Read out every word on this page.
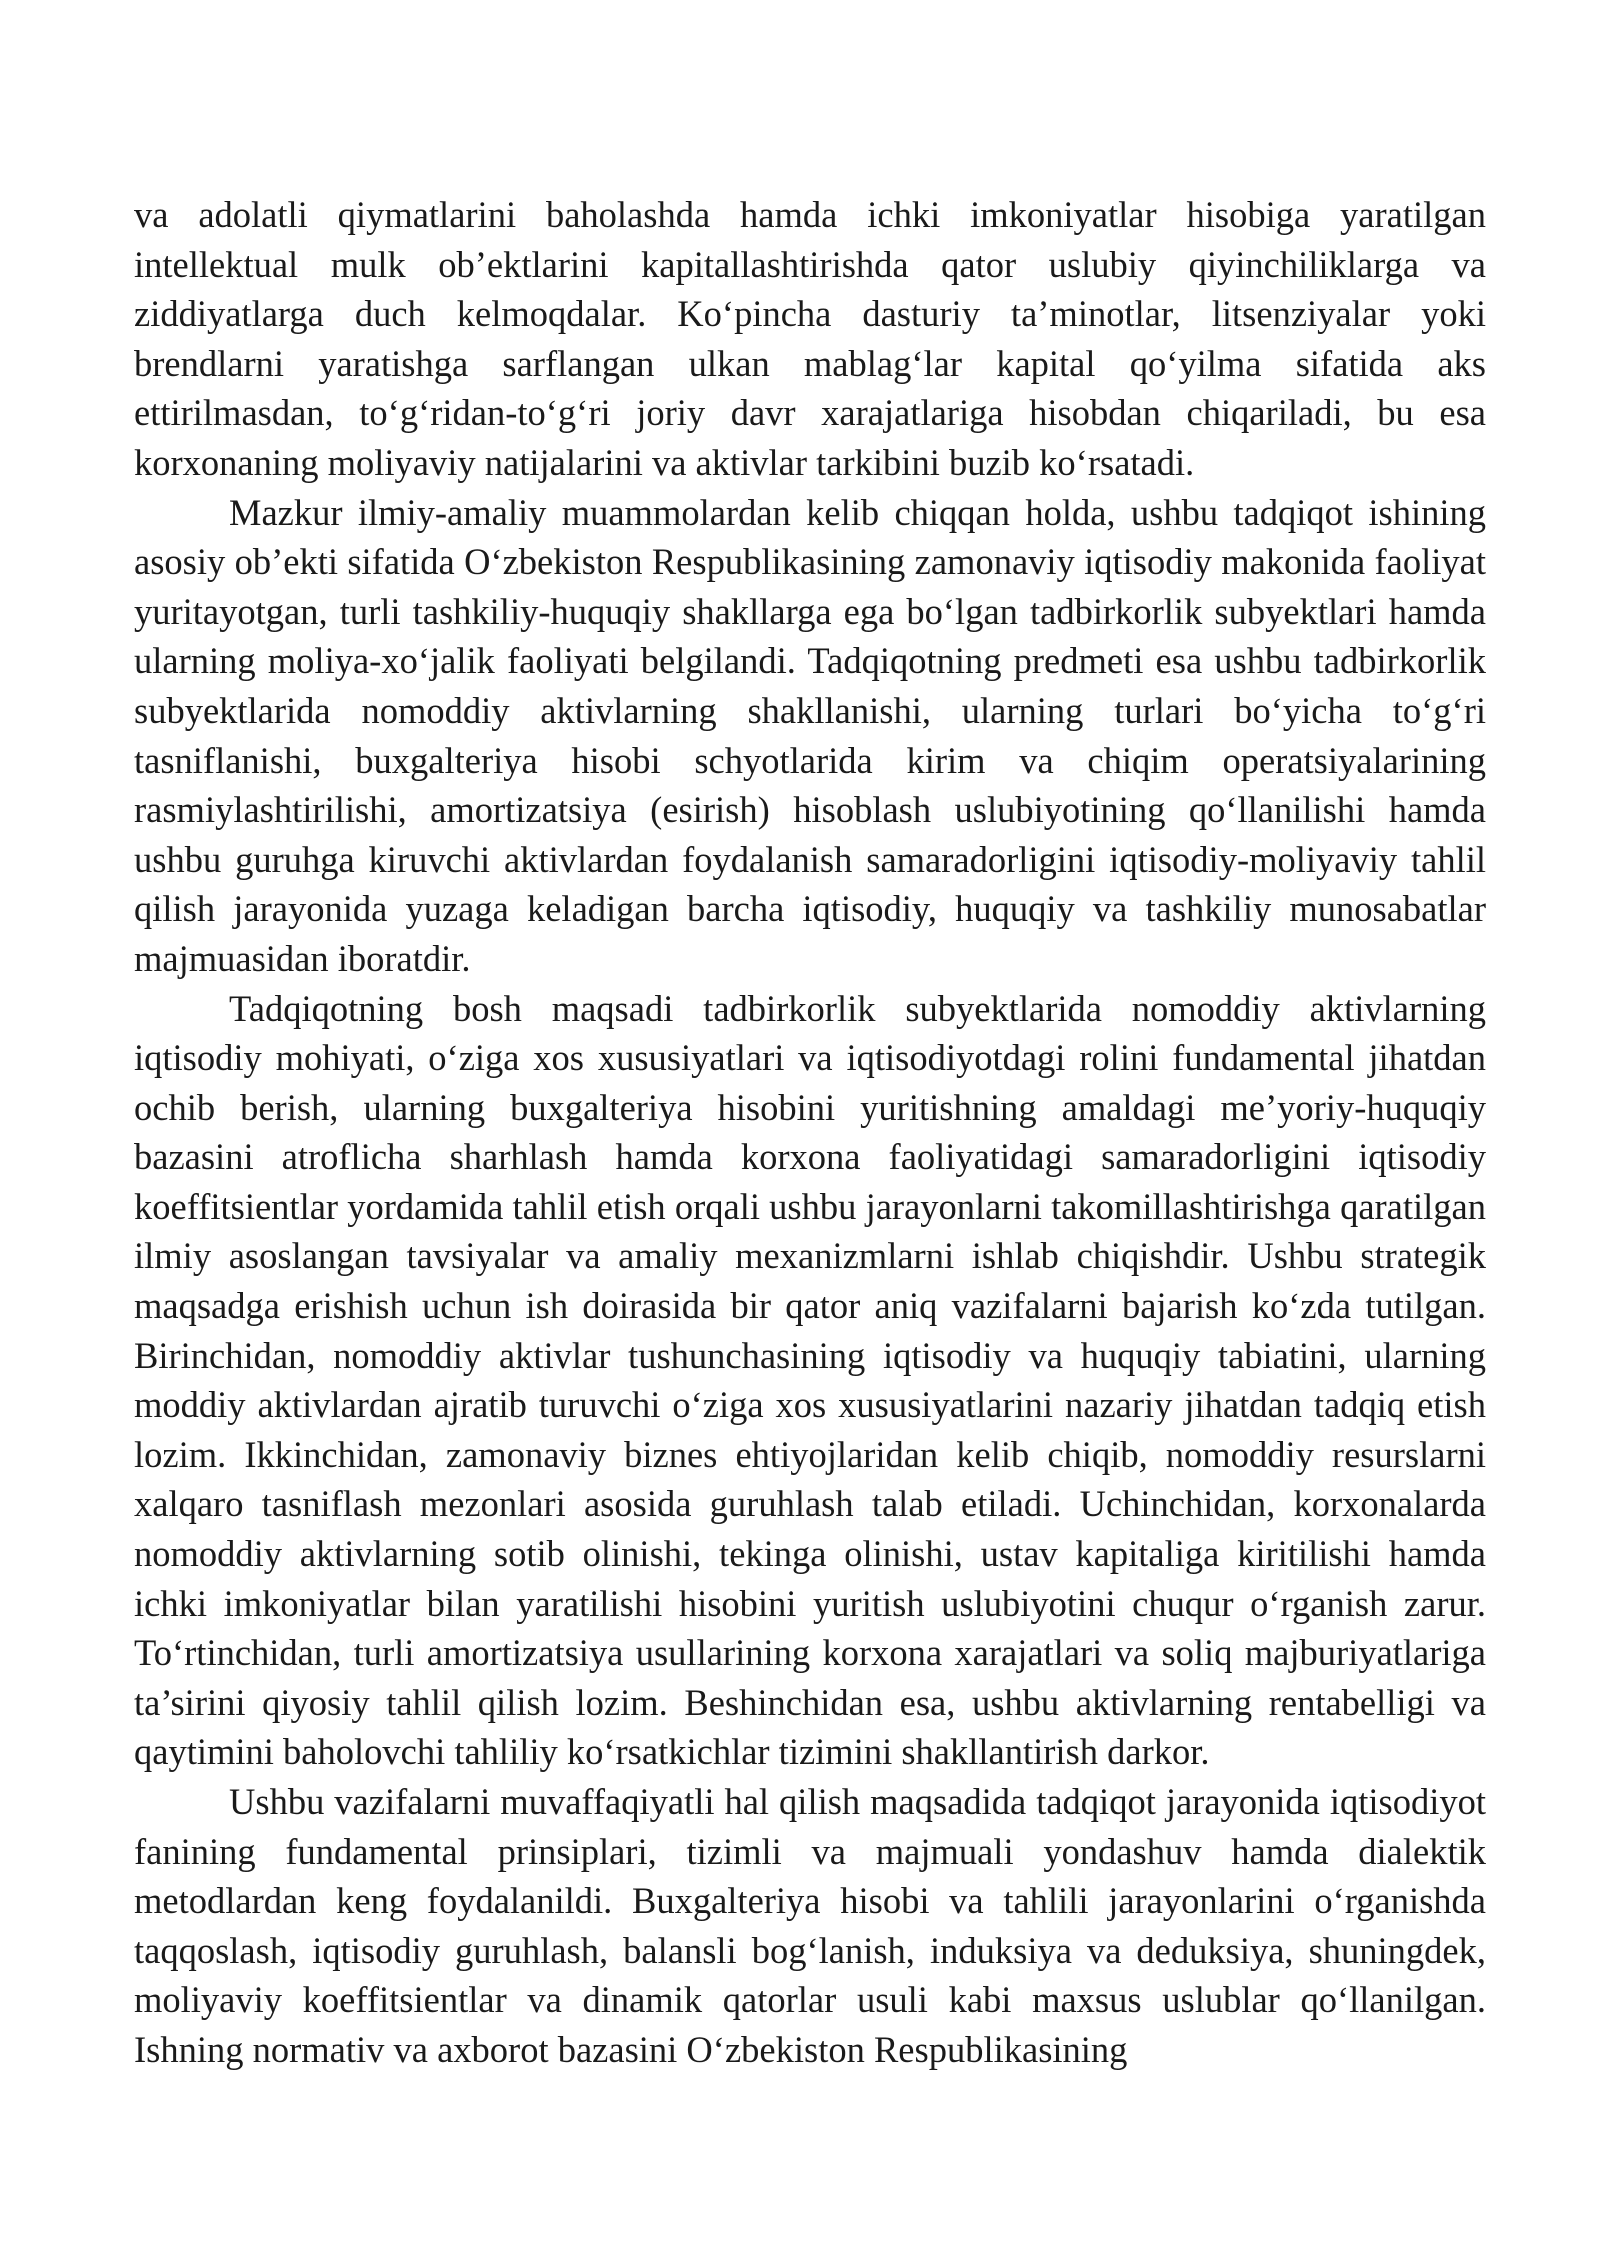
va adolatli qiymatlarini baholashda hamda ichki imkoniyatlar hisobiga yaratilgan intellektual mulk ob’ektlarini kapitallashtirishda qator uslubiy qiyinchiliklarga va ziddiyatlarga duch kelmoqdalar. Ko‘pincha dasturiy ta’minotlar, litsenziyalar yoki brendlarni yaratishga sarflangan ulkan mablag‘lar kapital qo‘yilma sifatida aks ettirilmasdan, to‘g‘ridan-to‘g‘ri joriy davr xarajatlariga hisobdan chiqariladi, bu esa korxonaning moliyaviy natijalarini va aktivlar tarkibini buzib ko‘rsatadi.

Mazkur ilmiy-amaliy muammolardan kelib chiqqan holda, ushbu tadqiqot ishining asosiy ob’ekti sifatida O‘zbekiston Respublikasining zamonaviy iqtisodiy makonida faoliyat yuritayotgan, turli tashkiliy-huquqiy shakllarga ega bo‘lgan tadbirkorlik subyektlari hamda ularning moliya-xo‘jalik faoliyati belgilandi. Tadqiqotning predmeti esa ushbu tadbirkorlik subyektlarida nomoddiy aktivlarning shakllanishi, ularning turlari bo‘yicha to‘g‘ri tasniflanishi, buxgalteriya hisobi schyotlarida kirim va chiqim operatsiyalarining rasmiylashtirilishi, amortizatsiya (esirish) hisoblash uslubiyotining qo‘llanilishi hamda ushbu guruhga kiruvchi aktivlardan foydalanish samaradorligini iqtisodiy-moliyaviy tahlil qilish jarayonida yuzaga keladigan barcha iqtisodiy, huquqiy va tashkiliy munosabatlar majmuasidan iboratdir.

Tadqiqotning bosh maqsadi tadbirkorlik subyektlarida nomoddiy aktivlarning iqtisodiy mohiyati, o‘ziga xos xususiyatlari va iqtisodiyotdagi rolini fundamental jihatdan ochib berish, ularning buxgalteriya hisobini yuritishning amaldagi me’yoriy-huquqiy bazasini atroflicha sharhlash hamda korxona faoliyatidagi samaradorligini iqtisodiy koeffitsientlar yordamida tahlil etish orqali ushbu jarayonlarni takomillashtirishga qaratilgan ilmiy asoslangan tavsiyalar va amaliy mexanizmlarni ishlab chiqishdir. Ushbu strategik maqsadga erishish uchun ish doirasida bir qator aniq vazifalarni bajarish ko‘zda tutilgan. Birinchidan, nomoddiy aktivlar tushunchasining iqtisodiy va huquqiy tabiatini, ularning moddiy aktivlardan ajratib turuvchi o‘ziga xos xususiyatlarini nazariy jihatdan tadqiq etish lozim. Ikkinchidan, zamonaviy biznes ehtiyojlaridan kelib chiqib, nomoddiy resurslarni xalqaro tasniflash mezonlari asosida guruhlash talab etiladi. Uchinchidan, korxonalarda nomoddiy aktivlarning sotib olinishi, tekinga olinishi, ustav kapitaliga kiritilishi hamda ichki imkoniyatlar bilan yaratilishi hisobini yuritish uslubiyotini chuqur o‘rganish zarur. To‘rtinchidan, turli amortizatsiya usullarining korxona xarajatlari va soliq majburiyatlariga ta’sirini qiyosiy tahlil qilish lozim. Beshinchidan esa, ushbu aktivlarning rentabelligi va qaytimini baholovchi tahliliy ko‘rsatkichlar tizimini shakllantirish darkor.

Ushbu vazifalarni muvaffaqiyatli hal qilish maqsadida tadqiqot jarayonida iqtisodiyot fanining fundamental prinsiplari, tizimli va majmuali yondashuv hamda dialektik metodlardan keng foydalanildi. Buxgalteriya hisobi va tahlili jarayonlarini o‘rganishda taqqoslash, iqtisodiy guruhlash, balansli bog‘lanish, induksiya va deduksiya, shuningdek, moliyaviy koeffitsientlar va dinamik qatorlar usuli kabi maxsus uslublar qo‘llanilgan. Ishning normativ va axborot bazasini O‘zbekiston Respublikasining
